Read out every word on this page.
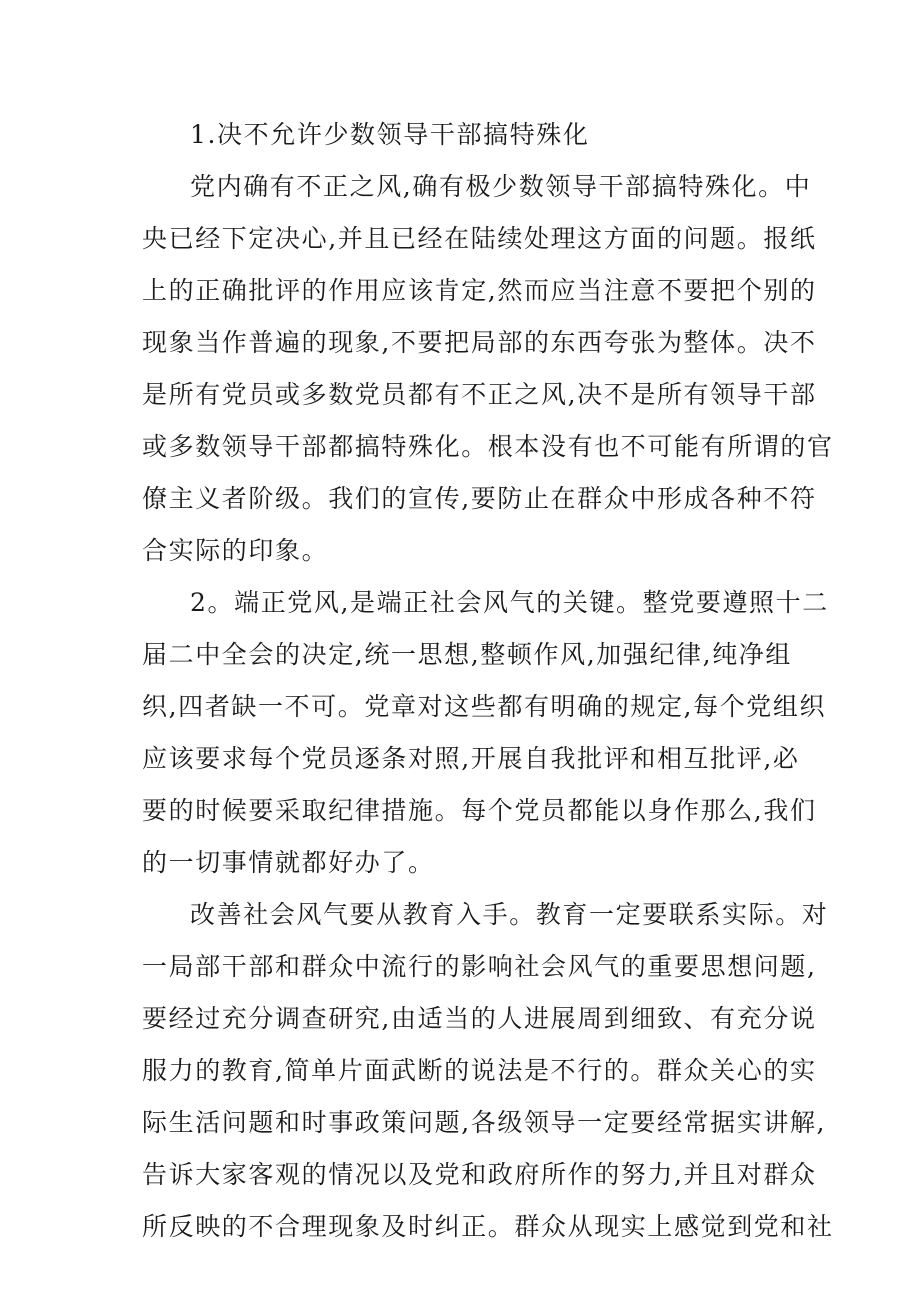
1.决不允许少数领导干部搞特殊化
党内确有不正之风,确有极少数领导干部搞特殊化。中
央已经下定决心,并且已经在陆续处理这方面的问题。报纸
上的正确批评的作用应该肯定,然而应当注意不要把个别的
现象当作普遍的现象,不要把局部的东西夸张为整体。决不
是所有党员或多数党员都有不正之风,决不是所有领导干部
或多数领导干部都搞特殊化。根本没有也不可能有所谓的官
僚主义者阶级。我们的宣传,要防止在群众中形成各种不符
合实际的印象。
2。端正党风,是端正社会风气的关键。整党要遵照十二
届二中全会的决定,统一思想,整顿作风,加强纪律,纯净组
织,四者缺一不可。党章对这些都有明确的规定,每个党组织
应该要求每个党员逐条对照,开展自我批评和相互批评,必
要的时候要采取纪律措施。每个党员都能以身作那么,我们
的一切事情就都好办了。
改善社会风气要从教育入手。教育一定要联系实际。对
一局部干部和群众中流行的影响社会风气的重要思想问题,
要经过充分调查研究,由适当的人进展周到细致、有充分说
服力的教育,简单片面武断的说法是不行的。群众关心的实
际生活问题和时事政策问题,各级领导一定要经常据实讲解,
告诉大家客观的情况以及党和政府所作的努力,并且对群众
所反映的不合理现象及时纠正。群众从现实上感觉到党和社
